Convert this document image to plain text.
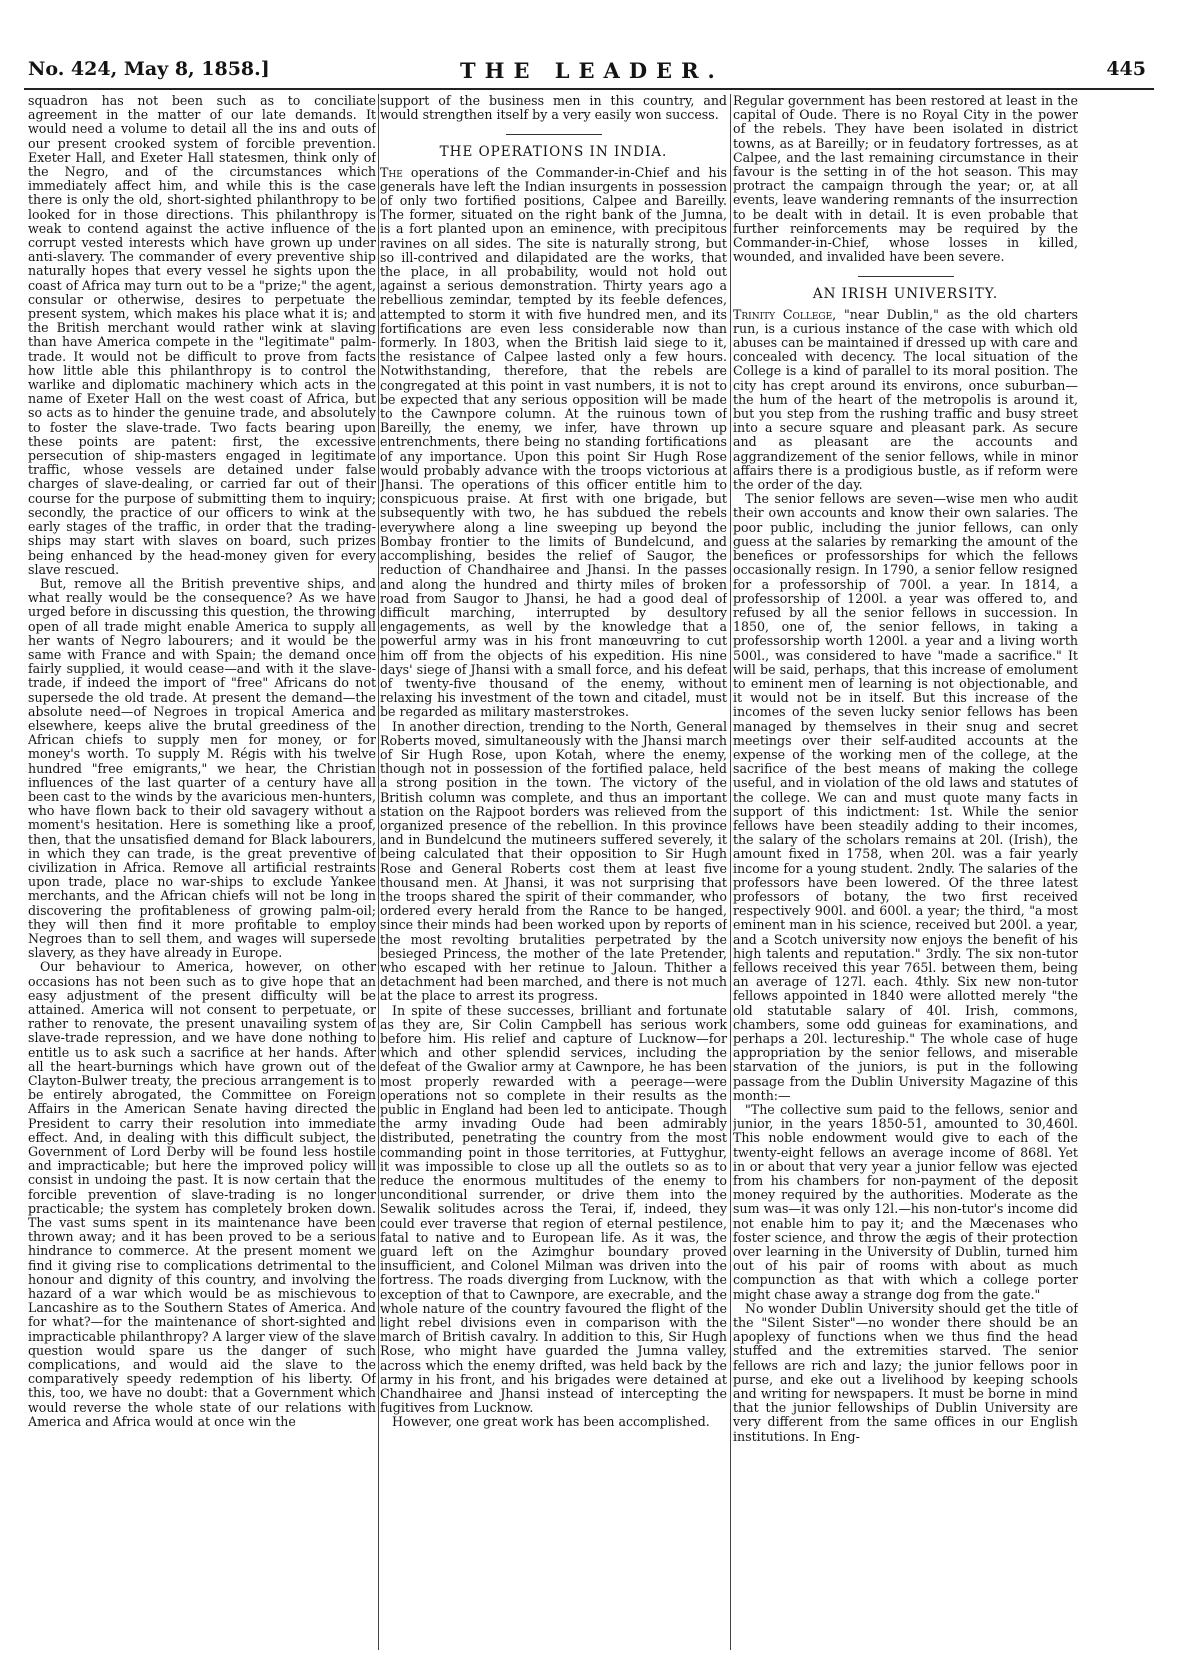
No. 424, May 8, 1858.]	THE LEADER.	445

squadron has not been such as to conciliate agreement in the matter of our late demands. It would need a volume to detail all the ins and outs of our present crooked system of forcible prevention. Exeter Hall, and Exeter Hall statesmen, think only of the Negro, and of the circumstances which immediately affect him, and while this is the case there is only the old, short-sighted philanthropy to be looked for in those directions. This philanthropy is weak to contend against the active influence of the corrupt vested interests which have grown up under anti-slavery. The commander of every preventive ship naturally hopes that every vessel he sights upon the coast of Africa may turn out to be a "prize;" the agent, consular or otherwise, desires to perpetuate the present system, which makes his place what it is; and the British merchant would rather wink at slaving than have America compete in the "legitimate" palm-trade. It would not be difficult to prove from facts how little able this philanthropy is to control the warlike and diplomatic machinery which acts in the name of Exeter Hall on the west coast of Africa, but so acts as to hinder the genuine trade, and absolutely to foster the slave-trade. Two facts bearing upon these points are patent: first, the excessive persecution of ship-masters engaged in legitimate traffic, whose vessels are detained under false charges of slave-dealing, or carried far out of their course for the purpose of submitting them to inquiry; secondly, the practice of our officers to wink at the early stages of the traffic, in order that the trading-ships may start with slaves on board, such prizes being enhanced by the head-money given for every slave rescued.

But, remove all the British preventive ships, and what really would be the consequence? As we have urged before in discussing this question, the throwing open of all trade might enable America to supply all her wants of Negro labourers; and it would be the same with France and with Spain; the demand once fairly supplied, it would cease—and with it the slave-trade, if indeed the import of "free" Africans do not supersede the old trade. At present the demand—the absolute need—of Negroes in tropical America and elsewhere, keeps alive the brutal greediness of the African chiefs to supply men for money, or for money's worth. To supply M. Régis with his twelve hundred "free emigrants," we hear, the Christian influences of the last quarter of a century have all been cast to the winds by the avaricious men-hunters, who have flown back to their old savagery without a moment's hesitation. Here is something like a proof, then, that the unsatisfied demand for Black labourers, in which they can trade, is the great preventive of civilization in Africa. Remove all artificial restraints upon trade, place no war-ships to exclude Yankee merchants, and the African chiefs will not be long in discovering the profitableness of growing palm-oil; they will then find it more profitable to employ Negroes than to sell them, and wages will supersede slavery, as they have already in Europe.

Our behaviour to America, however, on other occasions has not been such as to give hope that an easy adjustment of the present difficulty will be attained. America will not consent to perpetuate, or rather to renovate, the present unavailing system of slave-trade repression, and we have done nothing to entitle us to ask such a sacrifice at her hands. After all the heart-burnings which have grown out of the Clayton-Bulwer treaty, the precious arrangement is to be entirely abrogated, the Committee on Foreign Affairs in the American Senate having directed the President to carry their resolution into immediate effect. And, in dealing with this difficult subject, the Government of Lord Derby will be found less hostile and impracticable; but here the improved policy will consist in undoing the past. It is now certain that the forcible prevention of slave-trading is no longer practicable; the system has completely broken down. The vast sums spent in its maintenance have been thrown away; and it has been proved to be a serious hindrance to commerce. At the present moment we find it giving rise to complications detrimental to the honour and dignity of this country, and involving the hazard of a war which would be as mischievous to Lancashire as to the Southern States of America. And for what?—for the maintenance of short-sighted and impracticable philanthropy? A larger view of the slave question would spare us the danger of such complications, and would aid the slave to the comparatively speedy redemption of his liberty. Of this, too, we have no doubt: that a Government which would reverse the whole state of our relations with America and Africa would at once win the

support of the business men in this country, and would strengthen itself by a very easily won success.

THE OPERATIONS IN INDIA.

The operations of the Commander-in-Chief and his generals have left the Indian insurgents in possession of only two fortified positions, Calpee and Bareilly. The former, situated on the right bank of the Jumna, is a fort planted upon an eminence, with precipitous ravines on all sides. The site is naturally strong, but so ill-contrived and dilapidated are the works, that the place, in all probability, would not hold out against a serious demonstration. Thirty years ago a rebellious zemindar, tempted by its feeble defences, attempted to storm it with five hundred men, and its fortifications are even less considerable now than formerly. In 1803, when the British laid siege to it, the resistance of Calpee lasted only a few hours. Notwithstanding, therefore, that the rebels are congregated at this point in vast numbers, it is not to be expected that any serious opposition will be made to the Cawnpore column. At the ruinous town of Bareilly, the enemy, we infer, have thrown up entrenchments, there being no standing fortifications of any importance. Upon this point Sir Hugh Rose would probably advance with the troops victorious at Jhansi. The operations of this officer entitle him to conspicuous praise. At first with one brigade, but subsequently with two, he has subdued the rebels everywhere along a line sweeping up beyond the Bombay frontier to the limits of Bundelcund, and accomplishing, besides the relief of Saugor, the reduction of Chandhairee and Jhansi. In the passes and along the hundred and thirty miles of broken road from Saugor to Jhansi, he had a good deal of difficult marching, interrupted by desultory engagements, as well by the knowledge that a powerful army was in his front manœuvring to cut him off from the objects of his expedition. His nine days' siege of Jhansi with a small force, and his defeat of twenty-five thousand of the enemy, without relaxing his investment of the town and citadel, must be regarded as military masterstrokes.

In another direction, trending to the North, General Roberts moved, simultaneously with the Jhansi march of Sir Hugh Rose, upon Kotah, where the enemy, though not in possession of the fortified palace, held a strong position in the town. The victory of the British column was complete, and thus an important station on the Rajpoot borders was relieved from the organized presence of the rebellion. In this province and in Bundelcund the mutineers suffered severely, it being calculated that their opposition to Sir Hugh Rose and General Roberts cost them at least five thousand men. At Jhansi, it was not surprising that the troops shared the spirit of their commander, who ordered every herald from the Rance to be hanged, since their minds had been worked upon by reports of the most revolting brutalities perpetrated by the besieged Princess, the mother of the late Pretender, who escaped with her retinue to Jaloun. Thither a detachment had been marched, and there is not much at the place to arrest its progress.

In spite of these successes, brilliant and fortunate as they are, Sir Colin Campbell has serious work before him. His relief and capture of Lucknow—for which and other splendid services, including the defeat of the Gwalior army at Cawnpore, he has been most properly rewarded with a peerage—were operations not so complete in their results as the public in England had been led to anticipate. Though the army invading Oude had been admirably distributed, penetrating the country from the most commanding point in those territories, at Futtyghur, it was impossible to close up all the outlets so as to reduce the enormous multitudes of the enemy to unconditional surrender, or drive them into the Sewalik solitudes across the Terai, if, indeed, they could ever traverse that region of eternal pestilence, fatal to native and to European life. As it was, the guard left on the Azimghur boundary proved insufficient, and Colonel Milman was driven into the fortress. The roads diverging from Lucknow, with the exception of that to Cawnpore, are execrable, and the whole nature of the country favoured the flight of the light rebel divisions even in comparison with the march of British cavalry. In addition to this, Sir Hugh Rose, who might have guarded the Jumna valley, across which the enemy drifted, was held back by the army in his front, and his brigades were detained at Chandhairee and Jhansi instead of intercepting the fugitives from Lucknow.

However, one great work has been accomplished.

Regular government has been restored at least in the capital of Oude. There is no Royal City in the power of the rebels. They have been isolated in district towns, as at Bareilly; or in feudatory fortresses, as at Calpee, and the last remaining circumstance in their favour is the setting in of the hot season. This may protract the campaign through the year; or, at all events, leave wandering remnants of the insurrection to be dealt with in detail. It is even probable that further reinforcements may be required by the Commander-in-Chief, whose losses in killed, wounded, and invalided have been severe.

AN IRISH UNIVERSITY.

Trinity College, "near Dublin," as the old charters run, is a curious instance of the case with which old abuses can be maintained if dressed up with care and concealed with decency. The local situation of the College is a kind of parallel to its moral position. The city has crept around its environs, once suburban—the hum of the heart of the metropolis is around it, but you step from the rushing traffic and busy street into a secure square and pleasant park. As secure and as pleasant are the accounts and aggrandizement of the senior fellows, while in minor affairs there is a prodigious bustle, as if reform were the order of the day.

The senior fellows are seven—wise men who audit their own accounts and know their own salaries. The poor public, including the junior fellows, can only guess at the salaries by remarking the amount of the benefices or professorships for which the fellows occasionally resign. In 1790, a senior fellow resigned for a professorship of 700l. a year. In 1814, a professorship of 1200l. a year was offered to, and refused by all the senior fellows in succession. In 1850, one of, the senior fellows, in taking a professorship worth 1200l. a year and a living worth 500l., was considered to have "made a sacrifice." It will be said, perhaps, that this increase of emolument to eminent men of learning is not objectionable, and it would not be in itself. But this increase of the incomes of the seven lucky senior fellows has been managed by themselves in their snug and secret meetings over their self-audited accounts at the expense of the working men of the college, at the sacrifice of the best means of making the college useful, and in violation of the old laws and statutes of the college. We can and must quote many facts in support of this indictment: 1st. While the senior fellows have been steadily adding to their incomes, the salary of the scholars remains at 20l. (Irish), the amount fixed in 1758, when 20l. was a fair yearly income for a young student. 2ndly. The salaries of the professors have been lowered. Of the three latest professors of botany, the two first received respectively 900l. and 600l. a year; the third, "a most eminent man in his science, received but 200l. a year, and a Scotch university now enjoys the benefit of his high talents and reputation." 3rdly. The six non-tutor fellows received this year 765l. between them, being an average of 127l. each. 4thly. Six new non-tutor fellows appointed in 1840 were allotted merely "the old statutable salary of 40l. Irish, commons, chambers, some odd guineas for examinations, and perhaps a 20l. lectureship." The whole case of huge appropriation by the senior fellows, and miserable starvation of the juniors, is put in the following passage from the Dublin University Magazine of this month:—

"The collective sum paid to the fellows, senior and junior, in the years 1850-51, amounted to 30,460l. This noble endowment would give to each of the twenty-eight fellows an average income of 868l. Yet in or about that very year a junior fellow was ejected from his chambers for non-payment of the deposit money required by the authorities. Moderate as the sum was—it was only 12l.—his non-tutor's income did not enable him to pay it; and the Mæcenases who foster science, and throw the ægis of their protection over learning in the University of Dublin, turned him out of his pair of rooms with about as much compunction as that with which a college porter might chase away a strange dog from the gate."

No wonder Dublin University should get the title of the "Silent Sister"—no wonder there should be an apoplexy of functions when we thus find the head stuffed and the extremities starved. The senior fellows are rich and lazy; the junior fellows poor in purse, and eke out a livelihood by keeping schools and writing for newspapers. It must be borne in mind that the junior fellowships of Dublin University are very different from the same offices in our English institutions. In Eng-
